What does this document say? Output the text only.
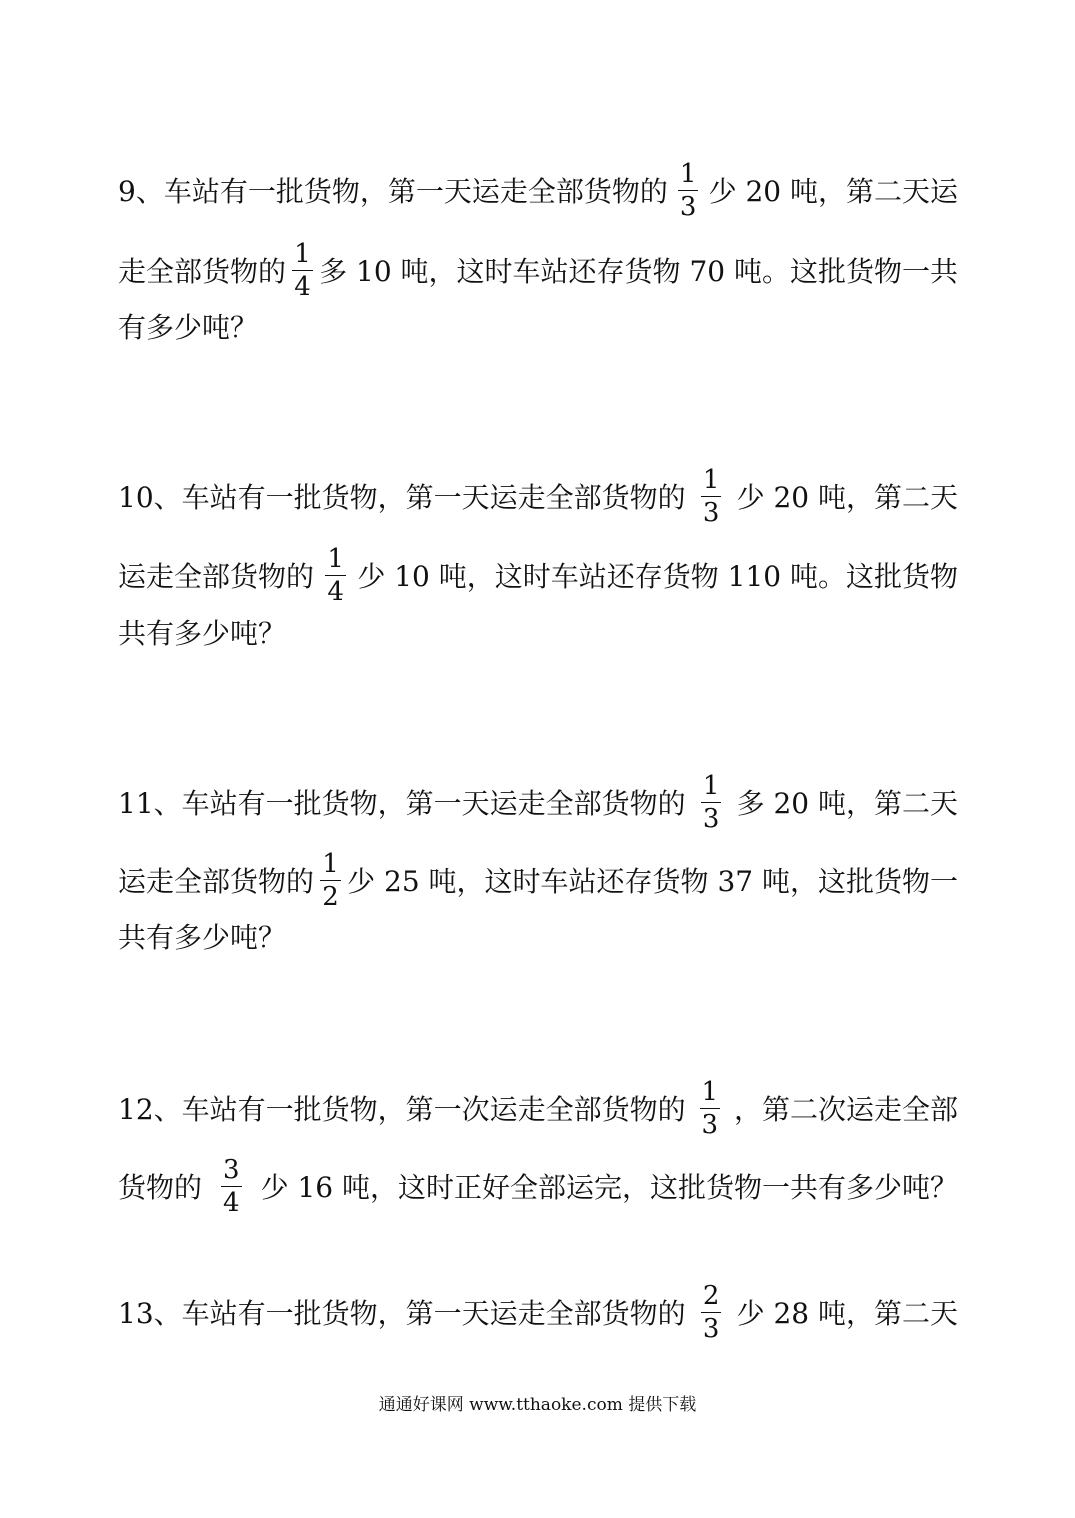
9、车站有一批货物，第一天运走全部货物的 $\frac{1}{3}$ 少 20 吨，第二天运
走全部货物的 $\frac{1}{4}$ 多 10 吨，这时车站还存货物 70 吨。这批货物一共
有多少吨？
10、车站有一批货物，第一天运走全部货物的 $\frac{1}{3}$ 少 20 吨，第二天
运走全部货物的 $\frac{1}{4}$ 少 10 吨，这时车站还存货物 110 吨。这批货物
共有多少吨？
11、车站有一批货物，第一天运走全部货物的 $\frac{1}{3}$ 多 20 吨，第二天
运走全部货物的 $\frac{1}{2}$ 少 25 吨，这时车站还存货物 37 吨，这批货物一
共有多少吨？
12、车站有一批货物，第一次运走全部货物的 $\frac{1}{3}$ ，第二次运走全部
货物的 $\frac{3}{4}$ 少 16 吨，这时正好全部运完，这批货物一共有多少吨？
13、车站有一批货物，第一天运走全部货物的 $\frac{2}{3}$ 少 28 吨，第二天
通通好课网 www.tthaoke.com 提供下载
